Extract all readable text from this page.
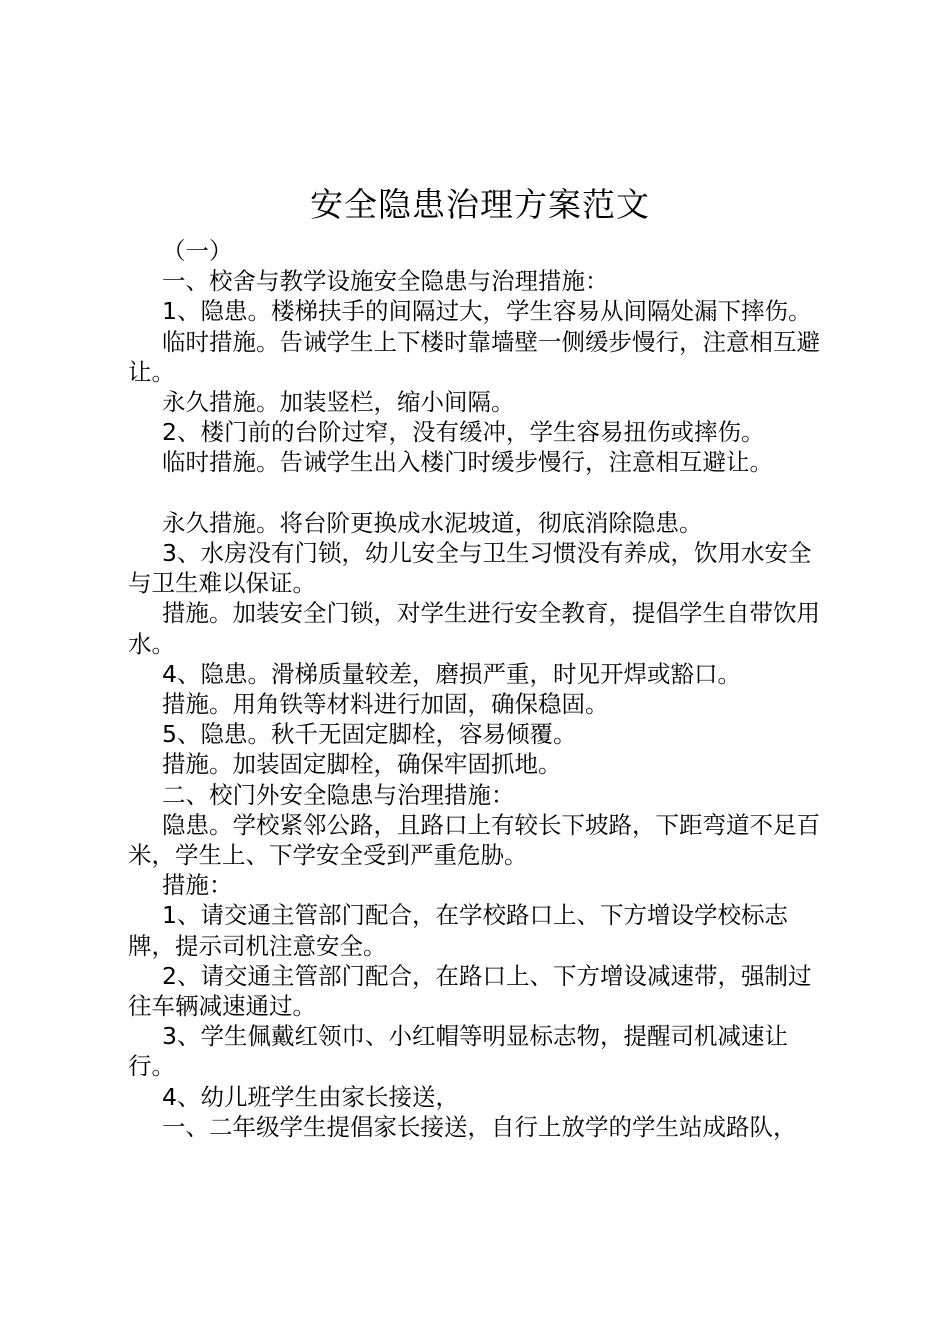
安全隐患治理方案范文

（一）

一、校舍与教学设施安全隐患与治理措施：

1、隐患。楼梯扶手的间隔过大，学生容易从间隔处漏下摔伤。

临时措施。告诫学生上下楼时靠墙壁一侧缓步慢行，注意相互避让。

永久措施。加装竖栏，缩小间隔。

2、楼门前的台阶过窄，没有缓冲，学生容易扭伤或摔伤。

临时措施。告诫学生出入楼门时缓步慢行，注意相互避让。

永久措施。将台阶更换成水泥坡道，彻底消除隐患。

3、水房没有门锁，幼儿安全与卫生习惯没有养成，饮用水安全与卫生难以保证。

措施。加装安全门锁，对学生进行安全教育，提倡学生自带饮用水。

4、隐患。滑梯质量较差，磨损严重，时见开焊或豁口。

措施。用角铁等材料进行加固，确保稳固。

5、隐患。秋千无固定脚栓，容易倾覆。

措施。加装固定脚栓，确保牢固抓地。

二、校门外安全隐患与治理措施：

隐患。学校紧邻公路，且路口上有较长下坡路，下距弯道不足百米，学生上、下学安全受到严重危胁。

措施：

1、请交通主管部门配合，在学校路口上、下方增设学校标志牌，提示司机注意安全。

2、请交通主管部门配合，在路口上、下方增设减速带，强制过往车辆减速通过。

3、学生佩戴红领巾、小红帽等明显标志物，提醒司机减速让行。

4、幼儿班学生由家长接送，

一、二年级学生提倡家长接送，自行上放学的学生站成路队，
